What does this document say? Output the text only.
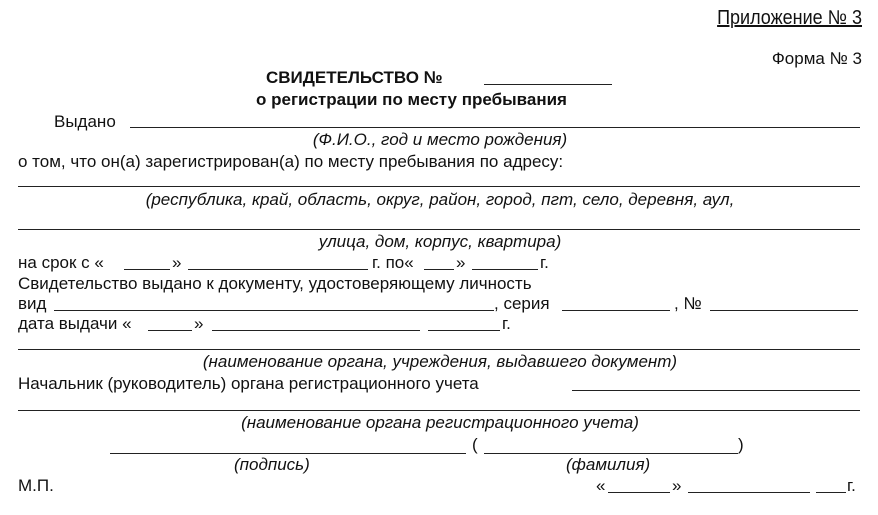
Приложение № 3
Форма № 3
СВИДЕТЕЛЬСТВО №
о регистрации по месту пребывания
Выдано
(Ф.И.О., год и место рождения)
о том, что он(а) зарегистрирован(а) по месту пребывания по адресу:
(республика, край, область, округ, район, город, пгт, село, деревня, аул,
улица, дом, корпус, квартира)
на срок с «	»	г. по« »	г.
Свидетельство выдано к документу, удостоверяющему личность
вид	, серия	, №
дата выдачи «	»	г.
(наименование органа, учреждения, выдавшего документ)
Начальник (руководитель) органа регистрационного учета
(наименование органа регистрационного учета)
(	)
(подпись)	(фамилия)
М.П.	«	»	г.
